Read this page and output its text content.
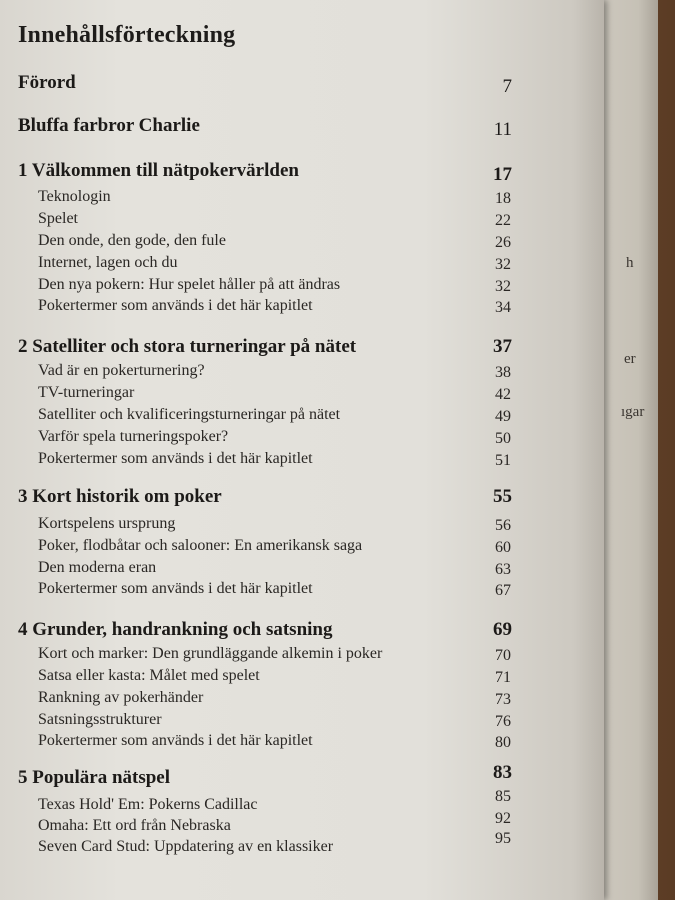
h
er
ıgar
Innehållsförteckning
Förord	7
Bluffa farbror Charlie	11
1 Välkommen till nätpokervärlden	17
Teknologin	18
Spelet	22
Den onde, den gode, den fule	26
Internet, lagen och du	32
Den nya pokern: Hur spelet håller på att ändras	32
Pokertermer som används i det här kapitlet	34
2 Satelliter och stora turneringar på nätet	37
Vad är en pokerturnering?	38
TV-turneringar	42
Satelliter och kvalificeringsturneringar på nätet	49
Varför spela turneringspoker?	50
Pokertermer som används i det här kapitlet	51
3 Kort historik om poker	55
Kortspelens ursprung	56
Poker, flodbåtar och salooner: En amerikansk saga	60
Den moderna eran	63
Pokertermer som används i det här kapitlet	67
4 Grunder, handrankning och satsning	69
Kort och marker: Den grundläggande alkemin i poker	70
Satsa eller kasta: Målet med spelet	71
Rankning av pokerhänder	73
Satsningsstrukturer	76
Pokertermer som används i det här kapitlet	80
5 Populära nätspel	83
Texas Hold' Em: Pokerns Cadillac	85
Omaha: Ett ord från Nebraska	92
Seven Card Stud: Uppdatering av en klassiker	95
